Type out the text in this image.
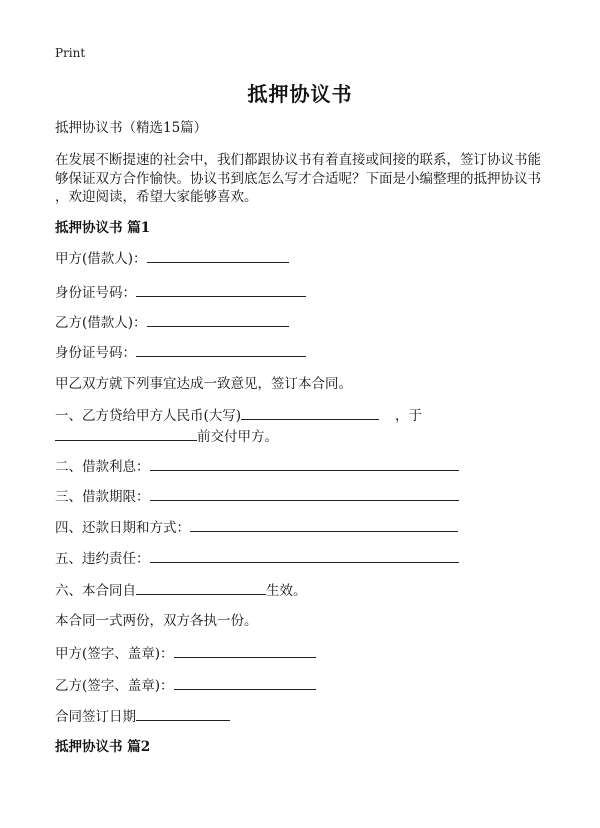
Print
抵押协议书
抵押协议书（精选15篇）
在发展不断提速的社会中，我们都跟协议书有着直接或间接的联系，签订协议书能
够保证双方合作愉快。协议书到底怎么写才合适呢？下面是小编整理的抵押协议书
，欢迎阅读，希望大家能够喜欢。
抵押协议书 篇1
甲方(借款人)：
身份证号码：
乙方(借款人)：
身份证号码：
甲乙双方就下列事宜达成一致意见，签订本合同。
一、乙方贷给甲方人民币(大写)	，于
前交付甲方。
二、借款利息：
三、借款期限：
四、还款日期和方式：
五、违约责任：
六、本合同自	生效。
本合同一式两份，双方各执一份。
甲方(签字、盖章)：
乙方(签字、盖章)：
合同签订日期
抵押协议书 篇2
